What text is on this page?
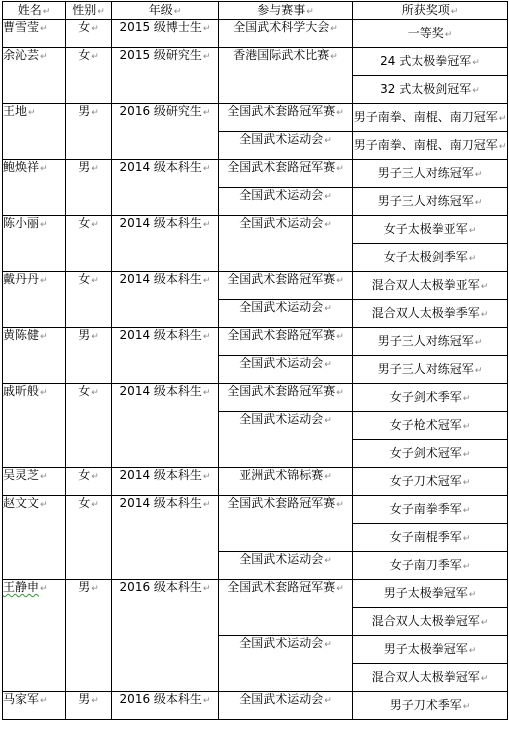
姓名↵	性别↵	年级↵	参与赛事↵	所获奖项↵
曹雪莹↵	女↵	2015 级博士生↵	全国武术科学大会↵	一等奖↵
余沁芸↵	女↵	2015 级研究生↵	香港国际武术比赛↵	24 式太极拳冠军↵
				32 式太极剑冠军↵
王地↵	男↵	2016 级研究生↵	全国武术套路冠军赛↵	男子南拳、南棍、南刀冠军↵
			全国武术运动会↵	男子南拳、南棍、南刀冠军↵
鲍焕祥↵	男↵	2014 级本科生↵	全国武术套路冠军赛↵	男子三人对练冠军↵
			全国武术运动会↵	男子三人对练冠军↵
陈小丽↵	女↵	2014 级本科生↵	全国武术运动会↵	女子太极拳亚军↵
				女子太极剑季军↵
戴丹丹↵	女↵	2014 级本科生↵	全国武术套路冠军赛↵	混合双人太极拳亚军↵
			全国武术运动会↵	混合双人太极拳季军↵
黄陈健↵	男↵	2014 级本科生↵	全国武术套路冠军赛↵	男子三人对练冠军↵
			全国武术运动会↵	男子三人对练冠军↵
戚昕般↵	女↵	2014 级本科生↵	全国武术套路冠军赛↵	女子剑术季军↵
			全国武术运动会↵	女子枪术冠军↵
				女子剑术冠军↵
吴灵芝↵	女↵	2014 级本科生↵	亚洲武术锦标赛↵	女子刀术冠军↵
赵文文↵	女↵	2014 级本科生↵	全国武术套路冠军赛↵	女子南拳季军↵
				女子南棍季军↵
			全国武术运动会↵	女子南刀季军↵
王静申↵	男↵	2016 级本科生↵	全国武术套路冠军赛↵	男子太极拳冠军↵
				混合双人太极拳冠军↵
			全国武术运动会↵	男子太极拳冠军↵
				混合双人太极拳冠军↵
马家军↵	男↵	2016 级本科生↵	全国武术运动会↵	男子刀术季军↵
